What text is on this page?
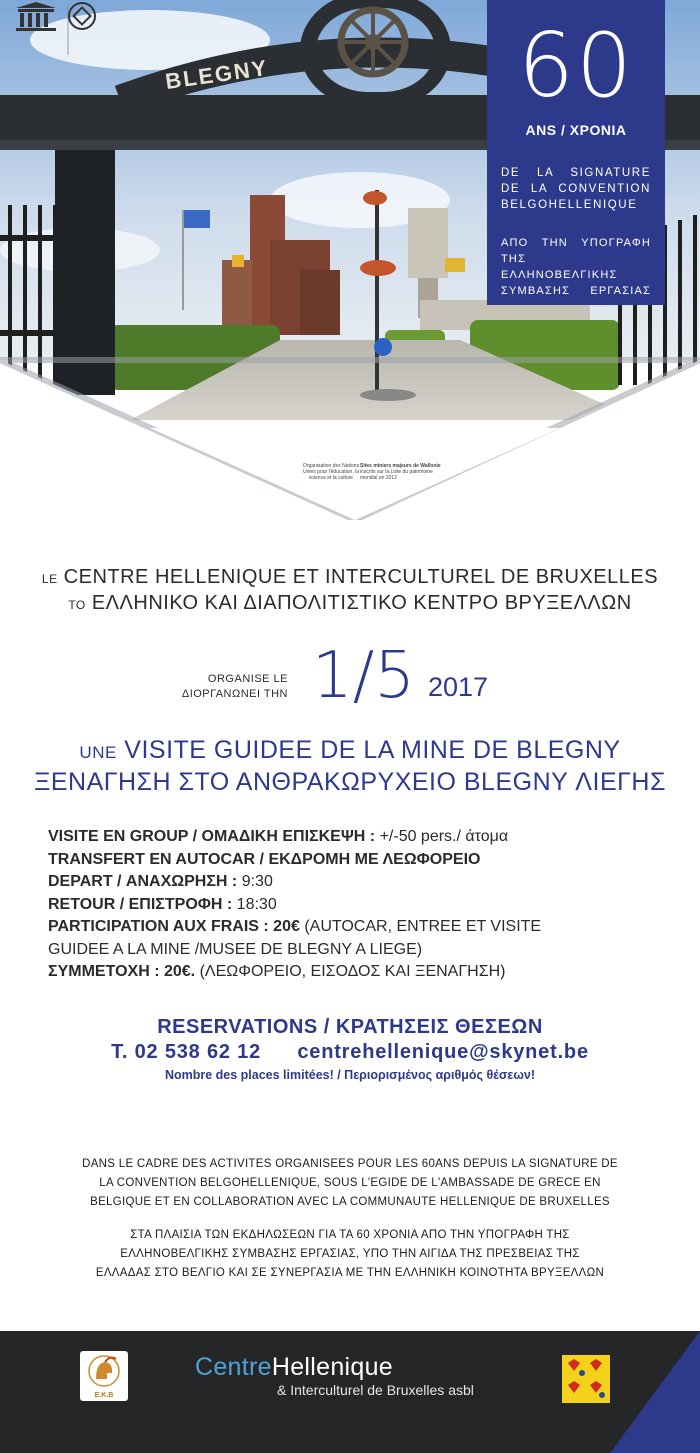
BLEGNY	60
ANS / ΧΡΟΝΙΑ
DE LA SIGNATURE
DE LA CONVENTION
BELGOHELLENIQUE
ΑΠΟ ΤΗΝ ΥΠΟΓΡΑΦΗ ΤΗΣ
ΕΛΛΗΝΟΒΕΛΓΙΚΗΣ
ΣΥΜΒΑΣΗΣ ΕΡΓΑΣΙΑΣ
Organisation des Nations Unies pour l'éducation, la science et la culture
Sites miniers majeurs de Wallonie
inscrits sur la Liste du patrimoine mondial en 2012
LE CENTRE HELLENIQUE ET INTERCULTUREL DE BRUXELLES
ΤΟ ΕΛΛΗΝΙΚΟ ΚΑΙ ΔΙΑΠΟΛΙΤΙΣΤΙΚΟ ΚΕΝΤΡΟ ΒΡΥΞΕΛΛΩΝ
ORGANISE LE
ΔΙΟΡΓΑΝΩΝΕΙ ΤΗΝ 1/5 2017
UNE VISITE GUIDEE DE LA MINE DE BLEGNY
ΞΕΝΑΓΗΣΗ ΣΤΟ ΑΝΘΡΑΚΩΡΥΧΕΙΟ BLEGNY ΛΙΕΓΗΣ
VISITE EN GROUP / ΟΜΑΔΙΚΗ ΕΠΙΣΚΕΨΗ : +/-50 pers./ άτομα
TRANSFERT EN AUTOCAR / ΕΚΔΡΟΜΗ ΜΕ ΛΕΩΦΟΡΕΙΟ
DEPART / ΑΝΑΧΩΡΗΣΗ : 9:30
RETOUR / ΕΠΙΣΤΡΟΦΗ : 18:30
PARTICIPATION AUX FRAIS : 20€ (AUTOCAR, ENTREE ET VISITE
GUIDEE A LA MINE /MUSEE DE BLEGNY A LIEGE)
ΣΥΜΜΕΤΟΧΗ : 20€. (ΛΕΩΦΟΡΕΙΟ, ΕΙΣΟΔΟΣ ΚΑΙ ΞΕΝΑΓΗΣΗ)
RESERVATIONS / ΚΡΑΤΗΣΕΙΣ ΘΕΣΕΩΝ
T. 02 538 62 12 centrehellenique@skynet.be
Nombre des places limitées! / Περιορισμένος αριθμός θέσεων!
DANS LE CADRE DES ACTIVITES ORGANISEES POUR LES 60ANS DEPUIS LA SIGNATURE DE
LA CONVENTION BELGOHELLENIQUE, SOUS L'EGIDE DE L'AMBASSADE DE GRECE EN
BELGIQUE ET EN COLLABORATION AVEC LA COMMUNAUTE HELLENIQUE DE BRUXELLES
ΣΤΑ ΠΛΑΙΣΙΑ ΤΩΝ ΕΚΔΗΛΩΣΕΩΝ ΓΙΑ ΤΑ 60 ΧΡΟΝΙΑ ΑΠΟ ΤΗΝ ΥΠΟΓΡΑΦΗ ΤΗΣ
ΕΛΛΗΝΟΒΕΛΓΙΚΗΣ ΣΥΜΒΑΣΗΣ ΕΡΓΑΣΙΑΣ, ΥΠΟ ΤΗΝ ΑΙΓΙΔΑ ΤΗΣ ΠΡΕΣΒΕΙΑΣ ΤΗΣ
ΕΛΛΑΔΑΣ ΣΤΟ ΒΕΛΓΙΟ ΚΑΙ ΣΕ ΣΥΝΕΡΓΑΣΙΑ ΜΕ ΤΗΝ ΕΛΛΗΝΙΚΗ ΚΟΙΝΟΤΗΤΑ ΒΡΥΞΕΛΛΩΝ
Ε.Κ.Β
CentreHellenique
& Interculturel de Bruxelles asbl
